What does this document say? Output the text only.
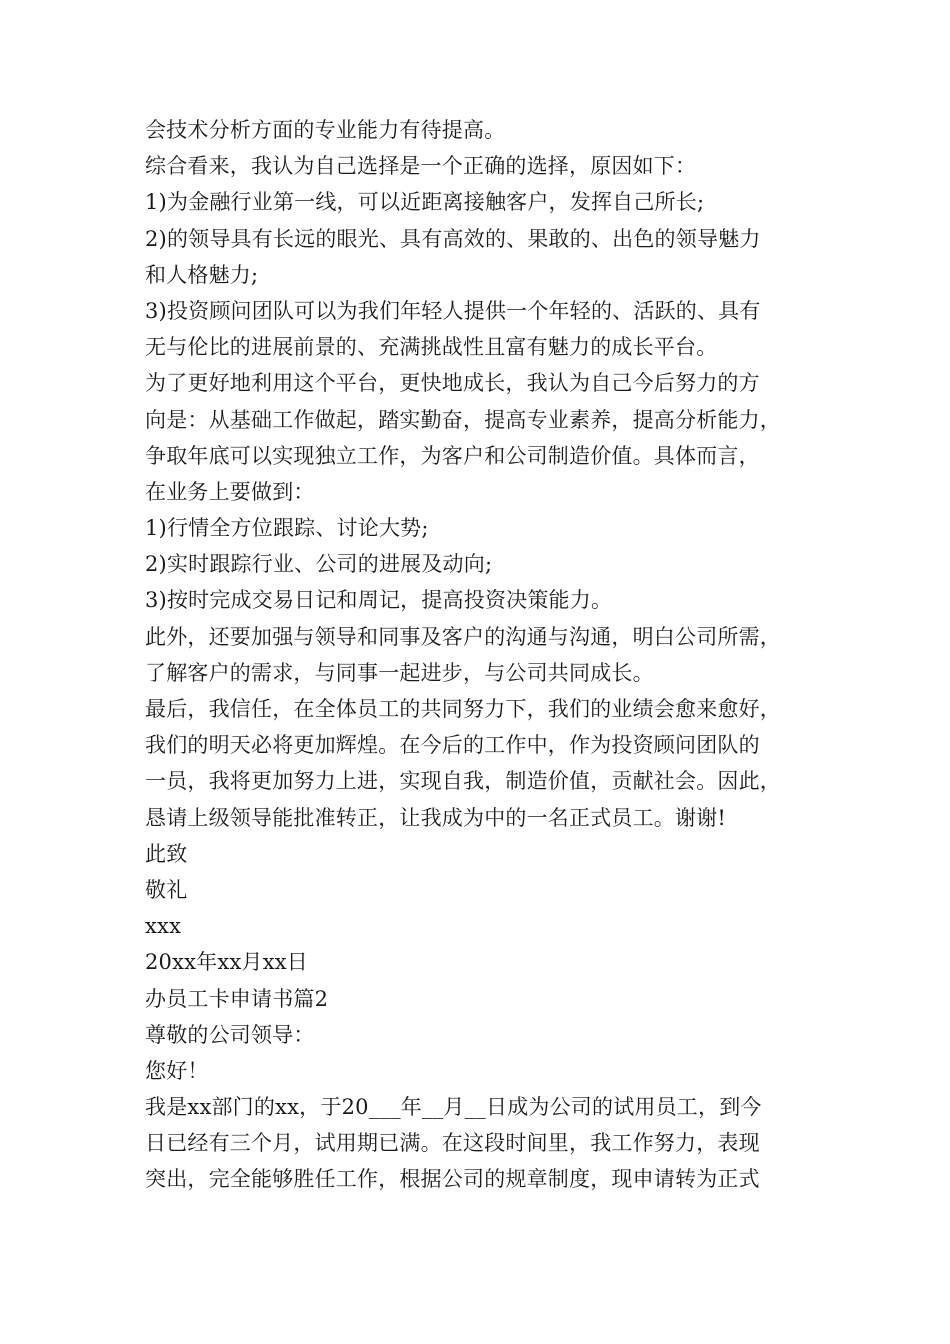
会技术分析方面的专业能力有待提高。
综合看来，我认为自己选择是一个正确的选择，原因如下：
1)为金融行业第一线，可以近距离接触客户，发挥自己所长;
2)的领导具有长远的眼光、具有高效的、果敢的、出色的领导魅力
和人格魅力;
3)投资顾问团队可以为我们年轻人提供一个年轻的、活跃的、具有
无与伦比的进展前景的、充满挑战性且富有魅力的成长平台。
为了更好地利用这个平台，更快地成长，我认为自己今后努力的方
向是：从基础工作做起，踏实勤奋，提高专业素养，提高分析能力，
争取年底可以实现独立工作，为客户和公司制造价值。具体而言，
在业务上要做到：
1)行情全方位跟踪、讨论大势;
2)实时跟踪行业、公司的进展及动向;
3)按时完成交易日记和周记，提高投资决策能力。
此外，还要加强与领导和同事及客户的沟通与沟通，明白公司所需，
了解客户的需求，与同事一起进步，与公司共同成长。
最后，我信任，在全体员工的共同努力下，我们的业绩会愈来愈好，
我们的明天必将更加辉煌。在今后的工作中，作为投资顾问团队的
一员，我将更加努力上进，实现自我，制造价值，贡献社会。因此，
恳请上级领导能批准转正，让我成为中的一名正式员工。谢谢!
此致
敬礼
xxx
20xx年xx月xx日
办员工卡申请书篇2
尊敬的公司领导：
您好！
我是xx部门的xx，于20___年__月__日成为公司的试用员工，到今
日已经有三个月，试用期已满。在这段时间里，我工作努力，表现
突出，完全能够胜任工作，根据公司的规章制度，现申请转为正式
